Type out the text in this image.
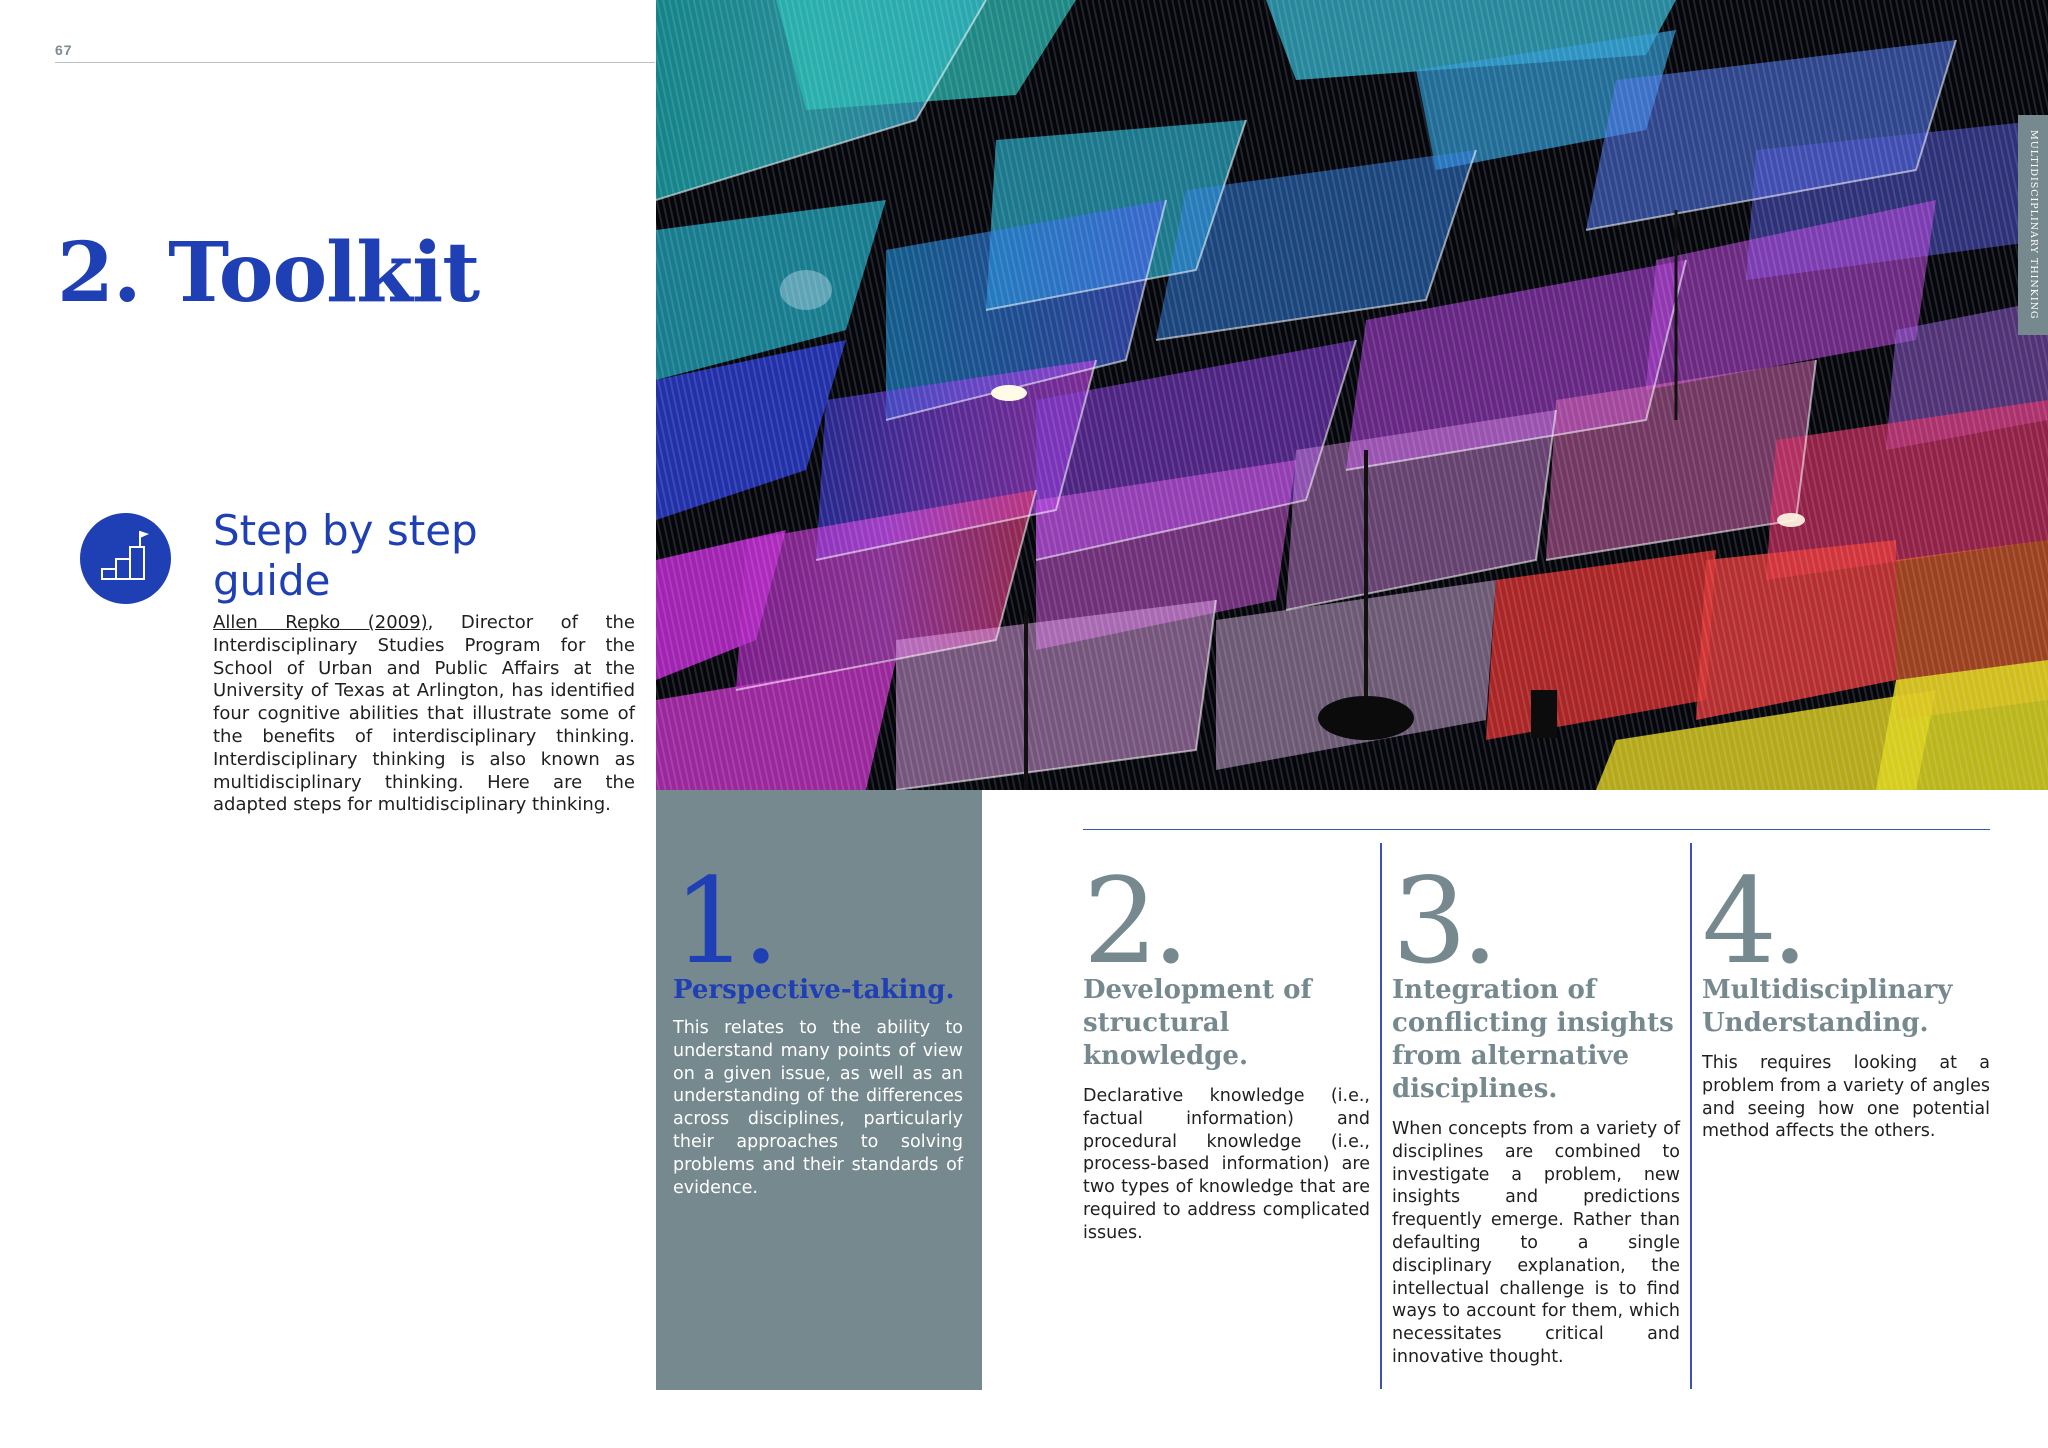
67
2. Toolkit
Step by step
guide

Allen Repko (2009), Director of the Interdisciplinary Studies Program for the School of Urban and Public Affairs at the University of Texas at Arlington, has identified four cognitive abilities that illustrate some of the benefits of interdisciplinary thinking. Interdisciplinary thinking is also known as multidisciplinary thinking. Here are the adapted steps for multidisciplinary thinking.

MULTIDISCIPLINARY THINKING
1.
Perspective-taking.

This relates to the ability to understand many points of view on a given issue, as well as an understanding of the differences across disciplines, particularly their approaches to solving problems and their standards of evidence.

2.
Development of structural knowledge.

Declarative knowledge (i.e., factual information) and procedural knowledge (i.e., process-based information) are two types of knowledge that are required to address complicated issues.

3.
Integration of conflicting insights from alternative disciplines.

When concepts from a variety of disciplines are combined to investigate a problem, new insights and predictions frequently emerge. Rather than defaulting to a single disciplinary explanation, the intellectual challenge is to find ways to account for them, which necessitates critical and innovative thought.

4.
Multidisciplinary Understanding.

This requires looking at a problem from a variety of angles and seeing how one potential method affects the others.
